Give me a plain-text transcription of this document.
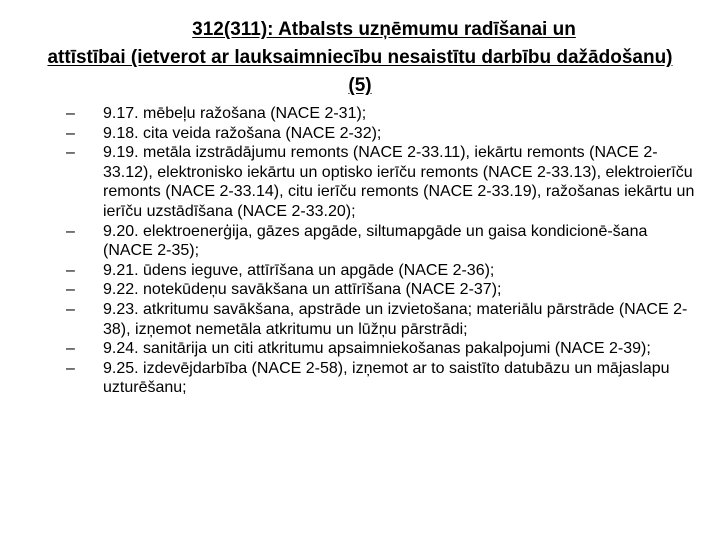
312(311): Atbalsts uzņēmumu radīšanai un
attīstībai (ietverot ar lauksaimniecību nesaistītu darbību dažādošanu) (5)
– 9.17. mēbeļu ražošana (NACE 2-31);
– 9.18. cita veida ražošana (NACE 2-32);
– 9.19. metāla izstrādājumu remonts (NACE 2-33.11), iekārtu remonts (NACE 2-33.12), elektronisko iekārtu un optisko ierīču remonts (NACE 2-33.13), elektroierīču remonts (NACE 2-33.14), citu ierīču remonts (NACE 2-33.19), ražošanas iekārtu un ierīču uzstādīšana (NACE 2-33.20);
– 9.20. elektroenerģija, gāzes apgāde, siltumapgāde un gaisa kondicionē-šana (NACE 2-35);
– 9.21. ūdens ieguve, attīrīšana un apgāde (NACE 2-36);
– 9.22. notekūdeņu savākšana un attīrīšana (NACE 2-37);
– 9.23. atkritumu savākšana, apstrāde un izvietošana; materiālu pārstrāde (NACE 2-38), izņemot nemetāla atkritumu un lūžņu pārstrādi;
– 9.24. sanitārija un citi atkritumu apsaimniekošanas pakalpojumi (NACE 2-39);
– 9.25. izdevējdarbība (NACE 2-58), izņemot ar to saistīto datubāzu un mājaslapu uzturēšanu;
